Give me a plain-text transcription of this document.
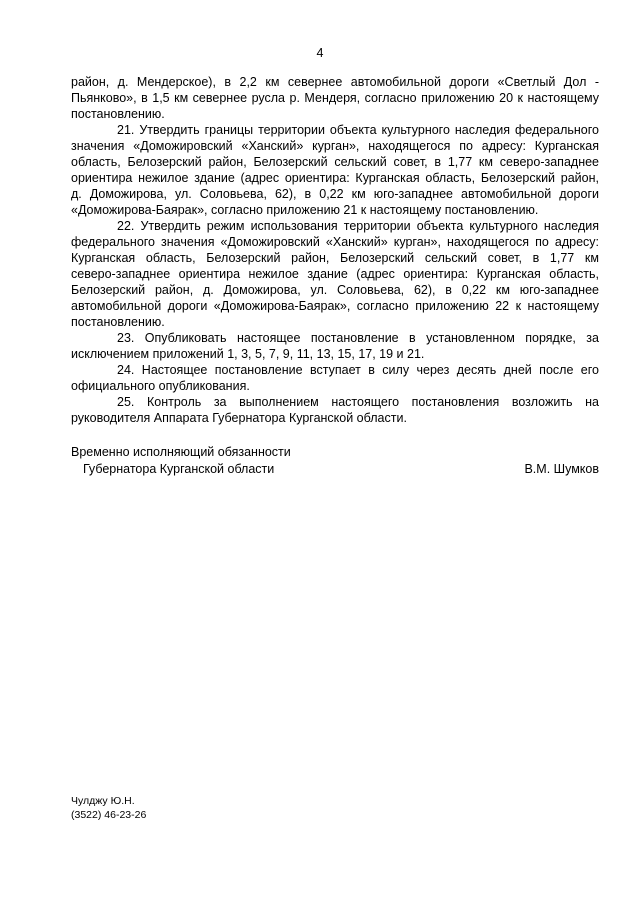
4
район, д. Мендерское), в 2,2 км севернее автомобильной дороги «Светлый Дол -
Пьянково», в 1,5 км севернее русла р. Мендеря, согласно приложению 20 к настоящему
постановлению.
21. Утвердить границы территории объекта культурного наследия федерального
значения «Доможировский «Ханский» курган», находящегося по адресу: Курганская
область, Белозерский район, Белозерский сельский совет, в 1,77 км северо-западнее
ориентира нежилое здание (адрес ориентира: Курганская область, Белозерский район,
д. Доможирова, ул. Соловьева, 62), в 0,22 км юго-западнее автомобильной дороги
«Доможирова-Баярак», согласно приложению 21 к настоящему постановлению.
22. Утвердить режим использования территории объекта культурного наследия
федерального значения «Доможировский «Ханский» курган», находящегося по адресу:
Курганская область, Белозерский район, Белозерский сельский совет, в 1,77 км
северо-западнее ориентира нежилое здание (адрес ориентира: Курганская область,
Белозерский район, д. Доможирова, ул. Соловьева, 62), в 0,22 км юго-западнее
автомобильной дороги «Доможирова-Баярак», согласно приложению 22 к настоящему
постановлению.
23. Опубликовать настоящее постановление в установленном порядке, за
исключением приложений 1, 3, 5, 7, 9, 11, 13, 15, 17, 19 и 21.
24. Настоящее постановление вступает в силу через десять дней после его
официального опубликования.
25. Контроль за выполнением настоящего постановления возложить на
руководителя Аппарата Губернатора Курганской области.
Временно исполняющий обязанности
Губернатора Курганской области	В.М. Шумков
Чулджу Ю.Н.
(3522) 46-23-26
